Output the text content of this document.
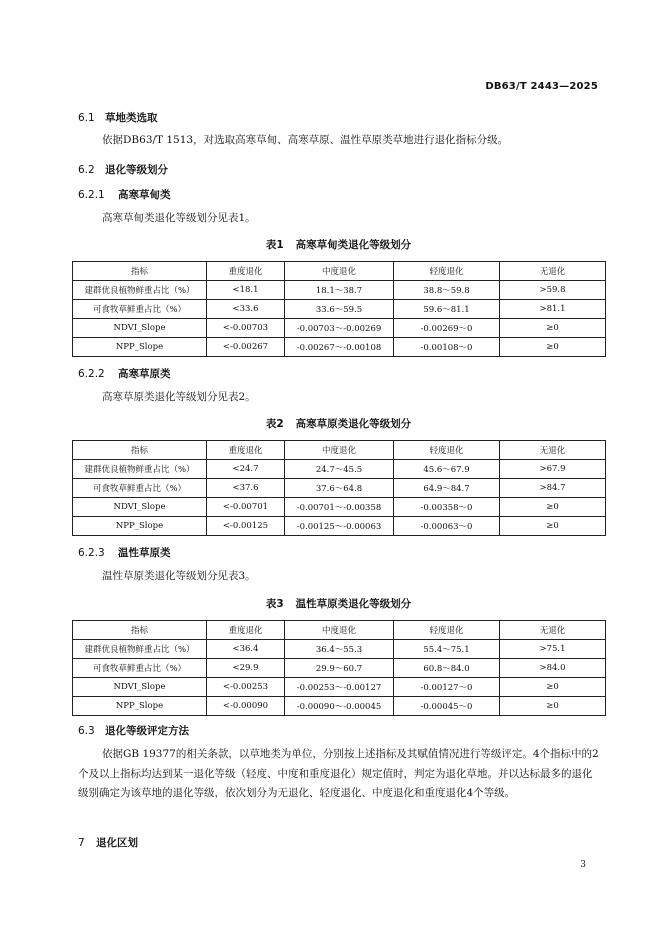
DB63/T 2443—2025
6.1 草地类选取
依据DB63/T 1513，对选取高寒草甸、高寒草原、温性草原类草地进行退化指标分级。
6.2 退化等级划分
6.2.1 高寒草甸类
高寒草甸类退化等级划分见表1。
表1 高寒草甸类退化等级划分
指标	重度退化	中度退化	轻度退化	无退化
建群优良植物鲜重占比（%）	<18.1	18.1～38.7	38.8～59.8	>59.8
可食牧草鲜重占比（%）	<33.6	33.6～59.5	59.6～81.1	>81.1
NDVI_Slope	<-0.00703	-0.00703～-0.00269	-0.00269～0	≥0
NPP_Slope	<-0.00267	-0.00267～-0.00108	-0.00108～0	≥0
6.2.2 高寒草原类
高寒草原类退化等级划分见表2。
表2 高寒草原类退化等级划分
指标	重度退化	中度退化	轻度退化	无退化
建群优良植物鲜重占比（%）	<24.7	24.7～45.5	45.6～67.9	>67.9
可食牧草鲜重占比（%）	<37.6	37.6～64.8	64.9～84.7	>84.7
NDVI_Slope	<-0.00701	-0.00701～-0.00358	-0.00358～0	≥0
NPP_Slope	<-0.00125	-0.00125～-0.00063	-0.00063～0	≥0
6.2.3 温性草原类
温性草原类退化等级划分见表3。
表3 温性草原类退化等级划分
指标	重度退化	中度退化	轻度退化	无退化
建群优良植物鲜重占比（%）	<36.4	36.4～55.3	55.4～75.1	>75.1
可食牧草鲜重占比（%）	<29.9	29.9～60.7	60.8～84.0	>84.0
NDVI_Slope	<-0.00253	-0.00253～-0.00127	-0.00127～0	≥0
NPP_Slope	<-0.00090	-0.00090～-0.00045	-0.00045～0	≥0
6.3 退化等级评定方法
依据GB 19377的相关条款，以草地类为单位，分别按上述指标及其赋值情况进行等级评定。4个指标中的2个及以上指标均达到某一退化等级（轻度、中度和重度退化）规定值时，判定为退化草地。并以达标最多的退化级别确定为该草地的退化等级，依次划分为无退化、轻度退化、中度退化和重度退化4个等级。
7 退化区划
3
